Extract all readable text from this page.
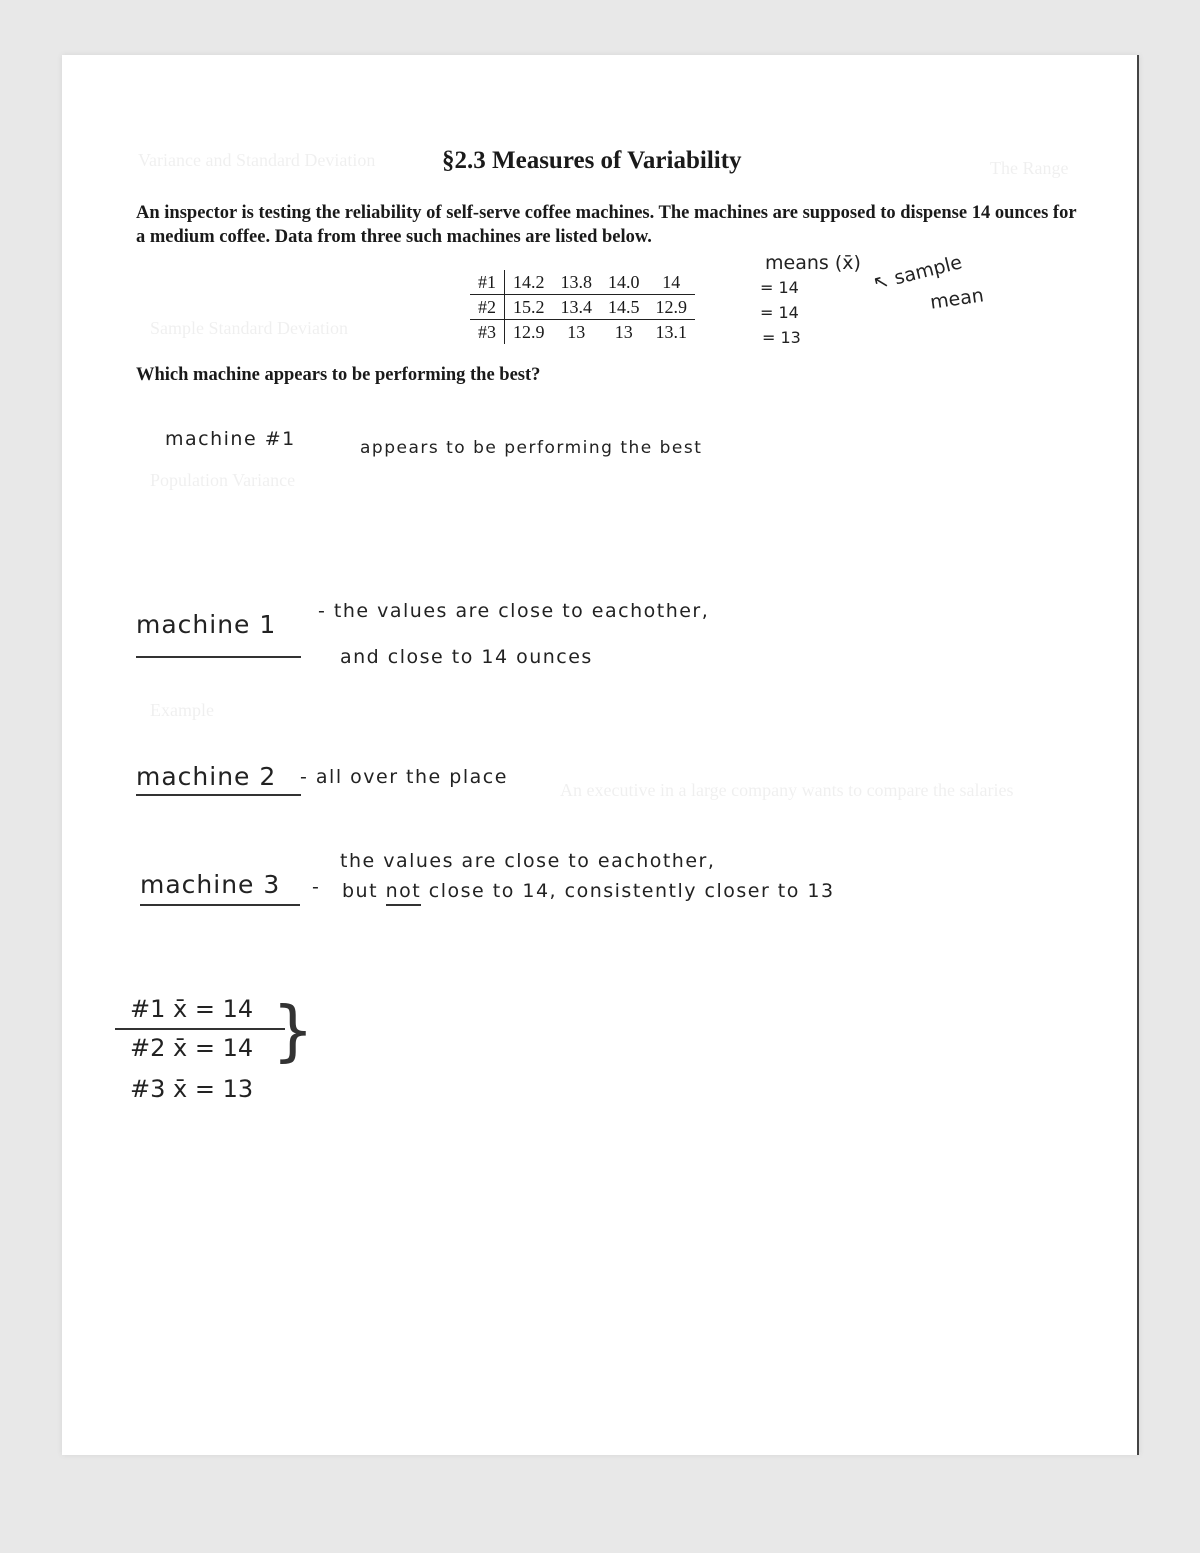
Variance and Standard Deviation	The Range
Sample Standard Deviation
Population Variance
Example
An executive in a large company wants to compare the salaries
§2.3 Measures of Variability
An inspector is testing the reliability of self-serve coffee machines. The machines are supposed to dispense 14 ounces for a medium coffee. Data from three such machines are listed below.
#1	14.2	13.8	14.0	14
#2	15.2	13.4	14.5	12.9
#3	12.9	13	13	13.1
= 14
= 14
= 13
means (x̄) ↖ sample
mean
Which machine appears to be performing the best?
machine #1	appears to be performing the best
machine 1 - the values are close to eachother,
and close to 14 ounces
machine 2 - all over the place
machine 3 -
the values are close to eachother,
but not close to 14, consistently closer to 13
#1 x̄ = 14
#2 x̄ = 14
#3 x̄ = 13
}
